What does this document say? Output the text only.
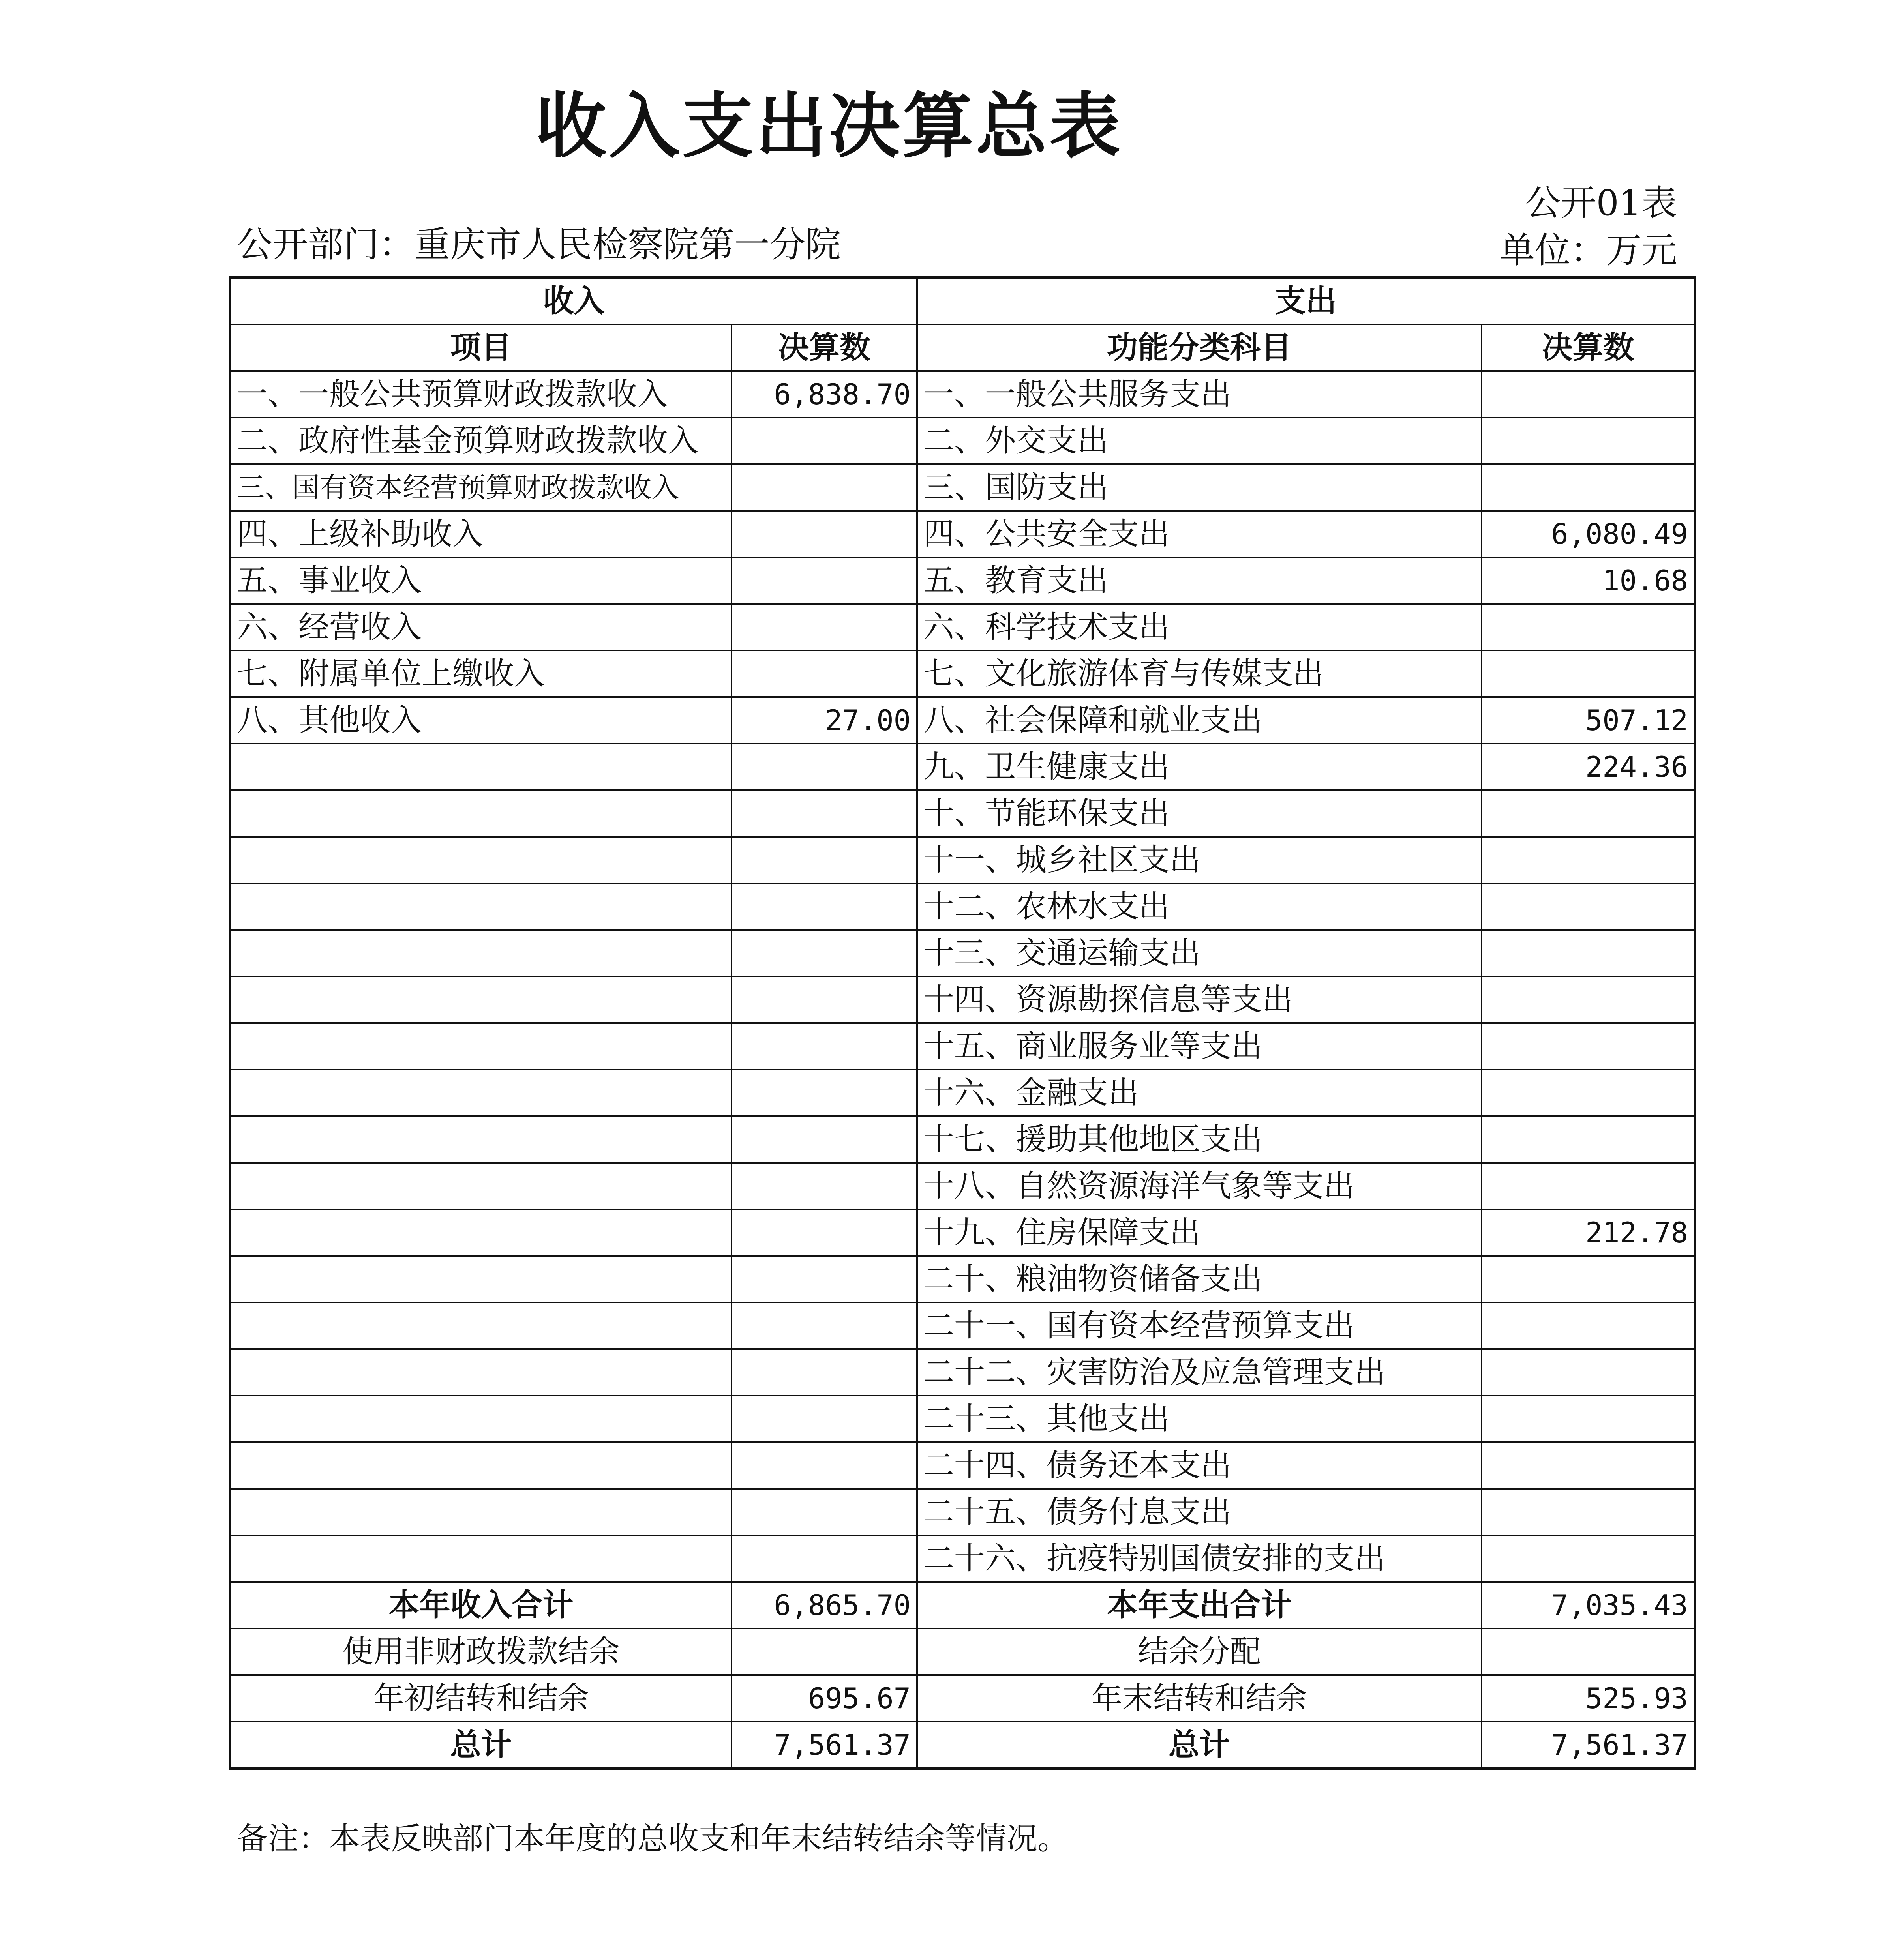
收入支出决算总表
公开01表
公开部门：重庆市人民检察院第一分院	单位：万元
收入		支出	
项目	决算数	功能分类科目	决算数
一、一般公共预算财政拨款收入	6,838.70	一、一般公共服务支出	
二、政府性基金预算财政拨款收入		二、外交支出	
三、国有资本经营预算财政拨款收入		三、国防支出	
四、上级补助收入		四、公共安全支出	6,080.49
五、事业收入		五、教育支出	10.68
六、经营收入		六、科学技术支出	
七、附属单位上缴收入		七、文化旅游体育与传媒支出	
八、其他收入	27.00	八、社会保障和就业支出	507.12
		九、卫生健康支出	224.36
		十、节能环保支出	
		十一、城乡社区支出	
		十二、农林水支出	
		十三、交通运输支出	
		十四、资源勘探信息等支出	
		十五、商业服务业等支出	
		十六、金融支出	
		十七、援助其他地区支出	
		十八、自然资源海洋气象等支出	
		十九、住房保障支出	212.78
		二十、粮油物资储备支出	
		二十一、国有资本经营预算支出	
		二十二、灾害防治及应急管理支出	
		二十三、其他支出	
		二十四、债务还本支出	
		二十五、债务付息支出	
		二十六、抗疫特别国债安排的支出	
本年收入合计	6,865.70	本年支出合计	7,035.43
使用非财政拨款结余		结余分配	
年初结转和结余	695.67	年末结转和结余	525.93
总计	7,561.37	总计	7,561.37
备注：本表反映部门本年度的总收支和年末结转结余等情况。
